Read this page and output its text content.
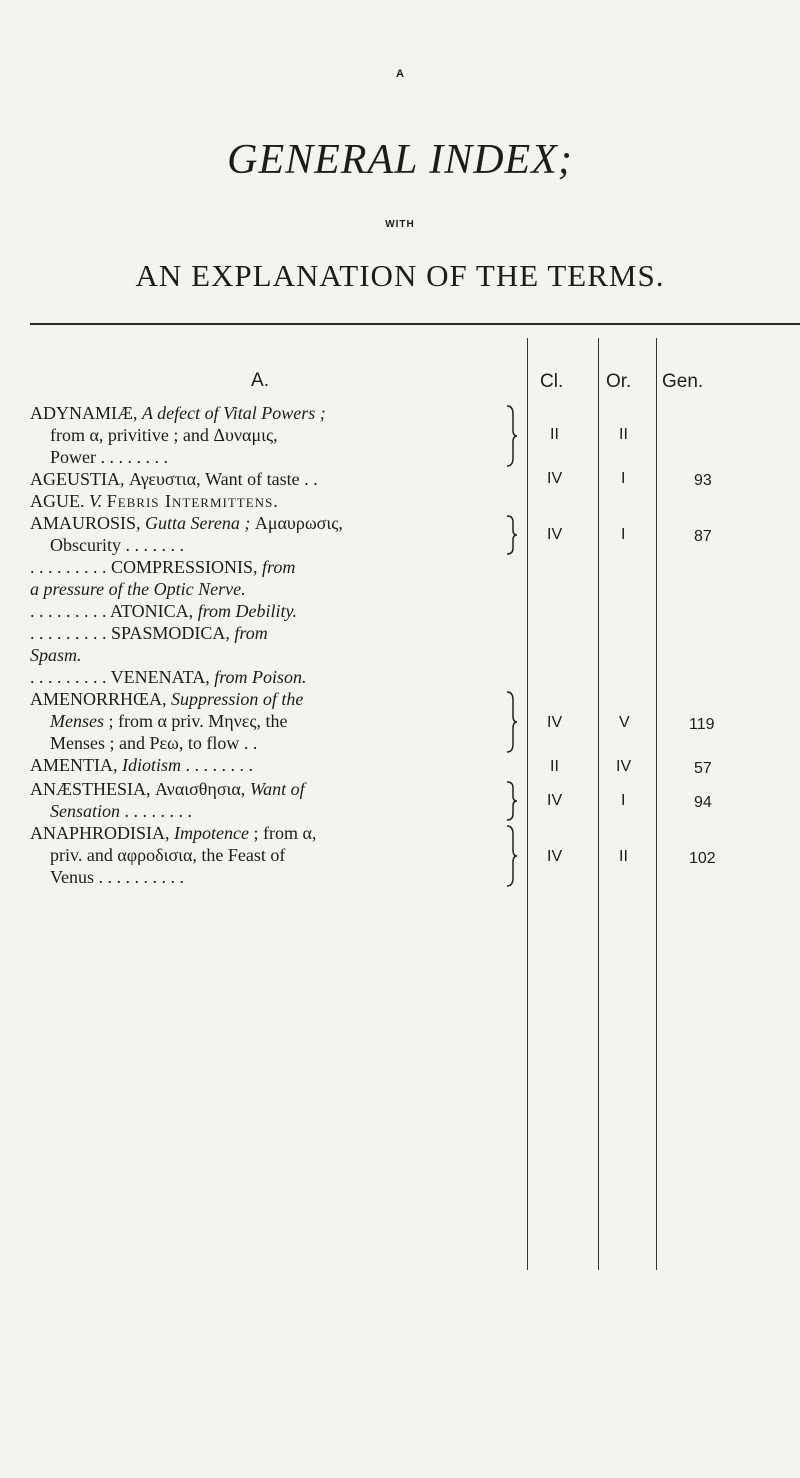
A
GENERAL INDEX;
WITH
AN EXPLANATION OF THE TERMS.
A.	Cl. Or. Gen.
ADYNAMIÆ, A defect of Vital Powers ;
from α, privitive ; and Δυναμις,
Power . . . . . . . .
II	II
AGEUSTIA, Αγευστια, Want of taste . .	IV	I	93
AGUE. V. Febris Intermittens.
AMAUROSIS, Gutta Serena ; Αμαυρωσις,
Obscurity . . . . . . .
IV	I	87
. . . . . . . . . COMPRESSIONIS, from
a pressure of the Optic Nerve.
. . . . . . . . . ATONICA, from Debility.
. . . . . . . . . SPASMODICA, from
Spasm.
. . . . . . . . . VENENATA, from Poison.
AMENORRHŒA, Suppression of the
Menses ; from α priv. Μηνες, the
Menses ; and Ρεω, to flow . .
IV	V	119
AMENTIA, Idiotism . . . . . . . .	II	IV	57
ANÆSTHESIA, Αναισθησια, Want of
Sensation . . . . . . . .
IV	I	94
ANAPHRODISIA, Impotence ; from α,
priv. and αφροδισια, the Feast of
Venus . . . . . . . . . .
IV	II	102
